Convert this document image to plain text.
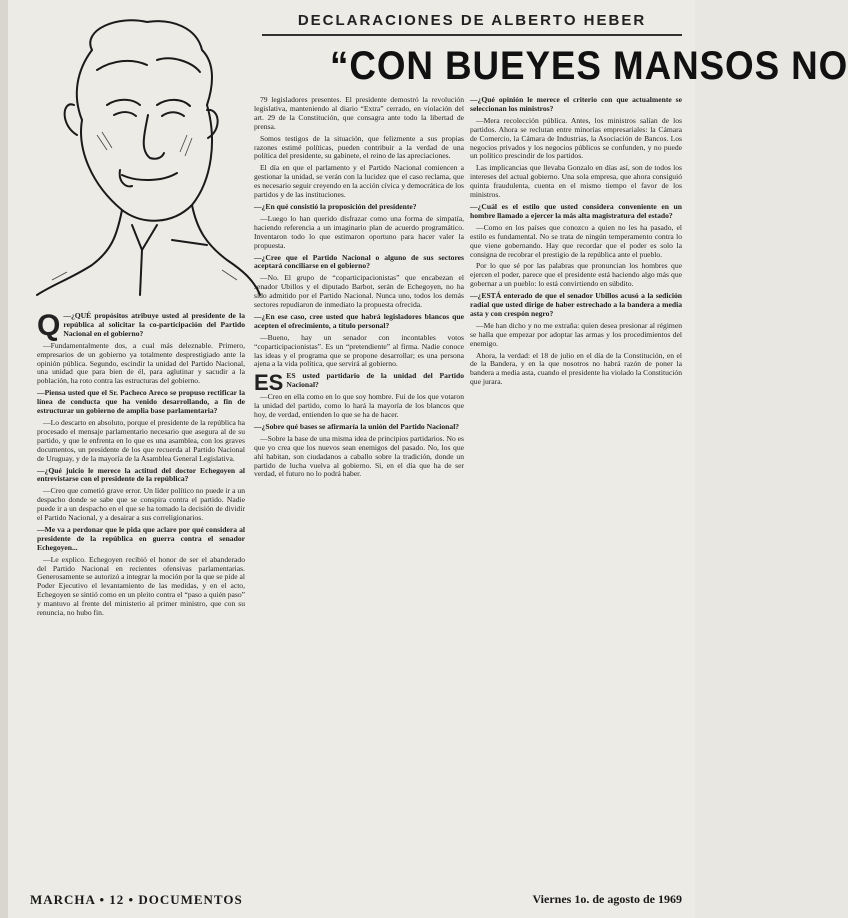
DECLARACIONES DE ALBERTO HEBER
“CON BUEYES MANSOS NO

Q —¿QUÉ propósitos atribuye usted al presidente de la república al solicitar la co-participación del Partido Nacional en el gobierno?

—Fundamentalmente dos, a cual más deleznable. Primero, empresarios de un gobierno ya totalmente desprestigiado ante la opinión pública. Segundo, escindir la unidad del Partido Nacional, una unidad que para bien de él, para aglutinar y sacudir a la población, ha roto contra las estructuras del gobierno.

—Piensa usted que el Sr. Pacheco Areco se propuso rectificar la línea de conducta que ha venido desarrollando, a fin de estructurar un gobierno de amplia base parlamentaria?

—Lo descarto en absoluto, porque el presidente de la república ha procesado el mensaje parlamentario necesario que asegura al de su partido, y que le enfrenta en lo que es una asamblea, con los graves documentos, un presidente de los que recuerda al Partido Nacional de Uruguay, y de la mayoría de la Asamblea General Legislativa.

—¿Qué juicio le merece la actitud del doctor Echegoyen al entrevistarse con el presidente de la república?

—Creo que cometió grave error. Un líder político no puede ir a un despacho donde se sabe que se conspira contra el partido. Nadie puede ir a un despacho en el que se ha tomado la decisión de dividir el Partido Nacional, y a desairar a sus correligionarios.

—Me va a perdonar que le pida que aclare por qué considera al presidente de la república en guerra contra el senador Echegoyen...

—Le explico. Echegoyen recibió el honor de ser el abanderado del Partido Nacional en recientes ofensivas parlamentarias. Generosamente se autorizó a integrar la moción por la que se pide al Poder Ejecutivo el levantamiento de las medidas, y en el acto, Echegoyen se sintió como en un pleito contra el “paso a quién paso” y mantuvo al frente del ministerio al primer ministro, que con su renuncia, no hubo fin.

79 legisladores presentes. El presidente demostró la revolución legislativa, manteniendo al diario “Extra” cerrado, en violación del art. 29 de la Constitución, que consagra ante todo la libertad de prensa.

Somos testigos de la situación, que felizmente a sus propias razones estimé políticas, pueden contribuir a la verdad de una política del presidente, su gabinete, el reino de las apreciaciones.

El día en que el parlamento y el Partido Nacional comiencen a gestionar la unidad, se verán con la lucidez que el caso reclama, que es necesario seguir creyendo en la acción cívica y democrática de los partidos y de las instituciones.

—¿En qué consistió la proposición del presidente?

—Luego lo han querido disfrazar como una forma de simpatía, haciendo referencia a un imaginario plan de acuerdo programático. Inventaron todo lo que estimaron oportuno para hacer valer la propuesta.

—¿Cree que el Partido Nacional o alguno de sus sectores aceptará conciliarse en el gobierno?

—No. El grupo de “coparticipacionistas” que encabezan el senador Ubillos y el diputado Barbot, serán de Echegoyen, no ha sido admitido por el Partido Nacional. Nunca uno, todos los demás sectores repudiaron de inmediato la propuesta ofrecida.

—¿En ese caso, cree usted que habrá legisladores blancos que acepten el ofrecimiento, a título personal?

—Bueno, hay un senador con incontables votos “coparticipacionistas”. Es un “pretendiente” al firma. Nadie conoce las ideas y el programa que se propone desarrollar; es una persona ajena a la vida política, que servirá al gobierno.

ES ES usted partidario de la unidad del Partido Nacional?

—Creo en ella como en lo que soy hombre. Fui de los que votaron la unidad del partido, como lo hará la mayoría de los blancos que hoy, de verdad, entienden lo que se ha de hacer.

—¿Sobre qué bases se afirmaría la unión del Partido Nacional?

—Sobre la base de una misma idea de principios partidarios. No es que yo crea que los nuevos sean enemigos del pasado. No, los que ahí habitan, son ciudadanos a caballo sobre la tradición, donde un partido de lucha vuelva al gobierno. Si, en el día que ha de ser verdad, el futuro no lo podrá haber.

—¿Qué opinión le merece el criterio con que actualmente se seleccionan los ministros?

—Mera recolección pública. Antes, los ministros salían de los partidos. Ahora se reclutan entre minorías empresariales: la Cámara de Comercio, la Cámara de Industrias, la Asociación de Bancos. Los negocios privados y los negocios públicos se confunden, y no puede un político prescindir de los partidos.

Las implicancias que llevaba Gonzalo en días así, son de todos los intereses del actual gobierno. Una sola empresa, que ahora consiguió quinta fraudulenta, cuenta en el mismo tiempo el favor de los ministros.

—¿Cuál es el estilo que usted considera conveniente en un hombre llamado a ejercer la más alta magistratura del estado?

—Como en los países que conozco a quien no les ha pasado, el estilo es fundamental. No se trata de ningún temperamento contra lo que viene gobernando. Hay que recordar que el poder es solo la consigna de recobrar el prestigio de la república ante el pueblo.

Por lo que sé por las palabras que pronuncian los hombres que ejercen el poder, parece que el presidente está haciendo algo más que gobernar a un pueblo: lo está convirtiendo en súbdito.

—¿ESTÁ enterado de que el senador Ubillos acusó a la sedición radial que usted dirige de haber estrechado a la bandera a media asta y con crespón negro?

—Me han dicho y no me extraña: quien desea presionar al régimen se halla que empezar por adoptar las armas y los procedimientos del enemigo.

Ahora, la verdad: el 18 de julio en el día de la Constitución, en el de la Bandera, y en la que nosotros no habrá razón de poner la bandera a media asta, cuando el presidente ha violado la Constitución que jurara.

MARCHA • 12 • DOCUMENTOS	Viernes 1o. de agosto de 1969
